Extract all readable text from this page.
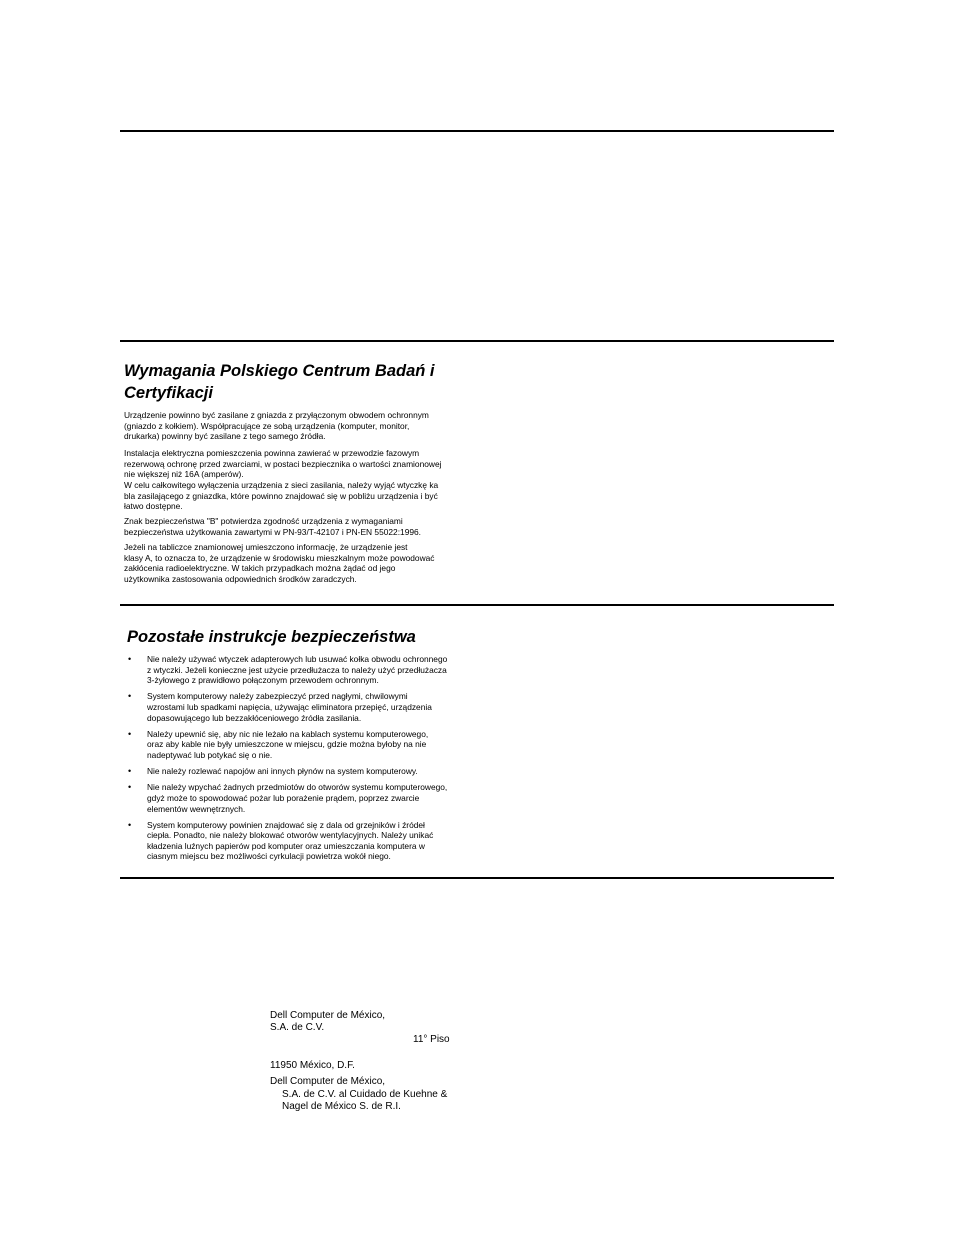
Wymagania Polskiego Centrum Badań i
Certyfikacji

Urządzenie powinno być zasilane z gniazda z przyłączonym obwodem ochronnym
(gniazdo z kołkiem). Współpracujące ze sobą urządzenia (komputer, monitor,
drukarka) powinny być zasilane z tego samego źródła.

Instalacja elektryczna pomieszczenia powinna zawierać w przewodzie fazowym
rezerwową ochronę przed zwarciami, w postaci bezpiecznika o wartości znamionowej
nie większej niż 16A (amperów).

W celu całkowitego wyłączenia urządzenia z sieci zasilania, należy wyjąć wtyczkę ka
bla zasilającego z gniazdka, które powinno znajdować się w pobliżu urządzenia i być
łatwo dostępne.

Znak bezpieczeństwa "B" potwierdza zgodność urządzenia z wymaganiami
bezpieczeństwa użytkowania zawartymi w PN-93/T-42107 i PN-EN 55022:1996.

Jeżeli na tabliczce znamionowej umieszczono informację, że urządzenie jest
klasy A, to oznacza to, że urządzenie w środowisku mieszkalnym może powodować
zakłócenia radioelektryczne. W takich przypadkach można żądać od jego
użytkownika zastosowania odpowiednich środków zaradczych.

Pozostałe instrukcje bezpieczeństwa
• Nie należy używać wtyczek adapterowych lub usuwać kołka obwodu ochronnego
z wtyczki. Jeżeli konieczne jest użycie przedłużacza to należy użyć przedłużacza
3-żyłowego z prawidłowo połączonym przewodem ochronnym.
• System komputerowy należy zabezpieczyć przed nagłymi, chwilowymi
wzrostami lub spadkami napięcia, używając eliminatora przepięć, urządzenia
dopasowującego lub bezzakłóceniowego źródła zasilania.
• Należy upewnić się, aby nic nie leżało na kablach systemu komputerowego,
oraz aby kable nie były umieszczone w miejscu, gdzie można byłoby na nie
nadeptywać lub potykać się o nie.
• Nie należy rozlewać napojów ani innych płynów na system komputerowy.
• Nie należy wpychać żadnych przedmiotów do otworów systemu komputerowego,
gdyż może to spowodować pożar lub porażenie prądem, poprzez zwarcie
elementów wewnętrznych.
• System komputerowy powinien znajdować się z dala od grzejników i źródeł
ciepła. Ponadto, nie należy blokować otworów wentylacyjnych. Należy unikać
kładzenia luźnych papierów pod komputer oraz umieszczania komputera w
ciasnym miejscu bez możliwości cyrkulacji powietrza wokół niego.

Dell Computer de México,

S.A. de C.V.

11° Piso

11950 México, D.F.

Dell Computer de México,

S.A. de C.V. al Cuidado de Kuehne &

Nagel de México S. de R.I.
